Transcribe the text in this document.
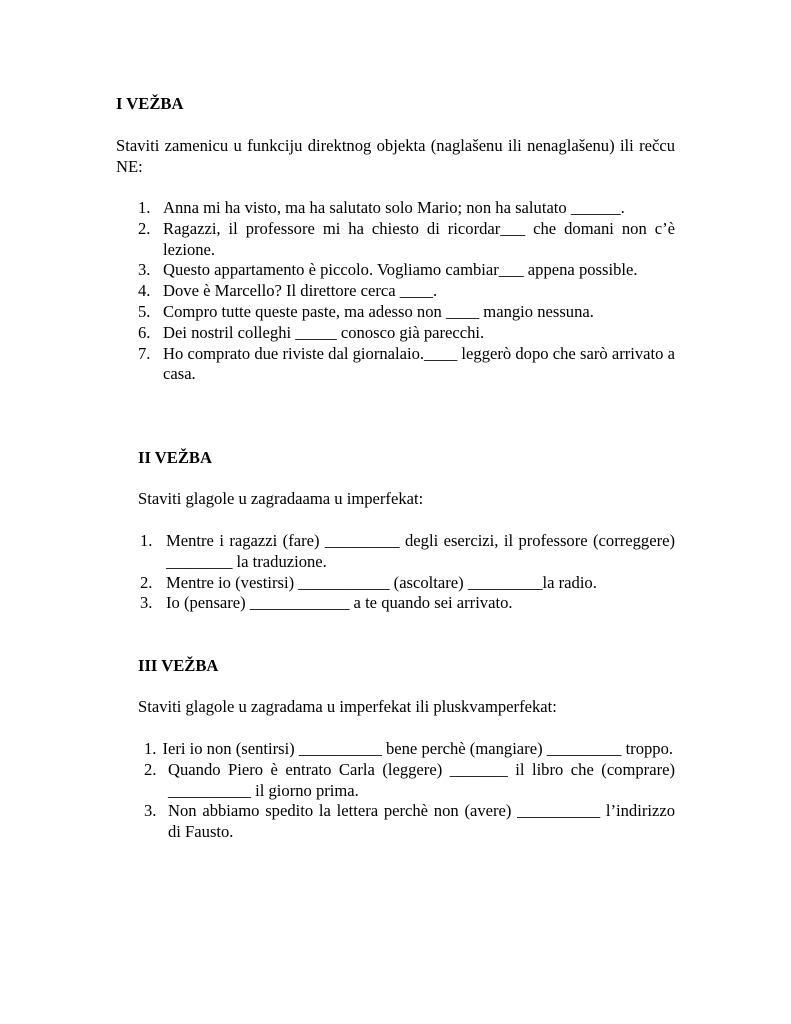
I VEŽBA

Staviti zamenicu u funkciju direktnog objekta (naglašenu ili nenaglašenu) ili rečcu NE:

1. Anna mi ha visto, ma ha salutato solo Mario; non ha salutato ______.
2. Ragazzi, il professore mi ha chiesto di ricordar___ che domani non c’è lezione.
3. Questo appartamento è piccolo. Vogliamo cambiar___ appena possible.
4. Dove è Marcello? Il direttore cerca ____.
5. Compro tutte queste paste, ma adesso non ____ mangio nessuna.
6. Dei nostril colleghi _____ conosco già parecchi.
7. Ho comprato due riviste dal giornalaio.____ leggerò dopo che sarò arrivato a casa.
II VEŽBA

Staviti glagole u zagradaama u imperfekat:

1. Mentre i ragazzi (fare) _________ degli esercizi, il professore (correggere) ________ la traduzione.
2. Mentre io (vestirsi) ___________ (ascoltare) _________la radio.
3. Io (pensare) ____________ a te quando sei arrivato.
III VEŽBA

Staviti glagole u zagradama u imperfekat ili pluskvamperfekat:

1. Ieri io non (sentirsi) __________ bene perchè (mangiare) _________ troppo.
2. Quando Piero è entrato Carla (leggere) _______ il libro che (comprare) __________ il giorno prima.
3. Non abbiamo spedito la lettera perchè non (avere) __________ l’indirizzo di Fausto.
